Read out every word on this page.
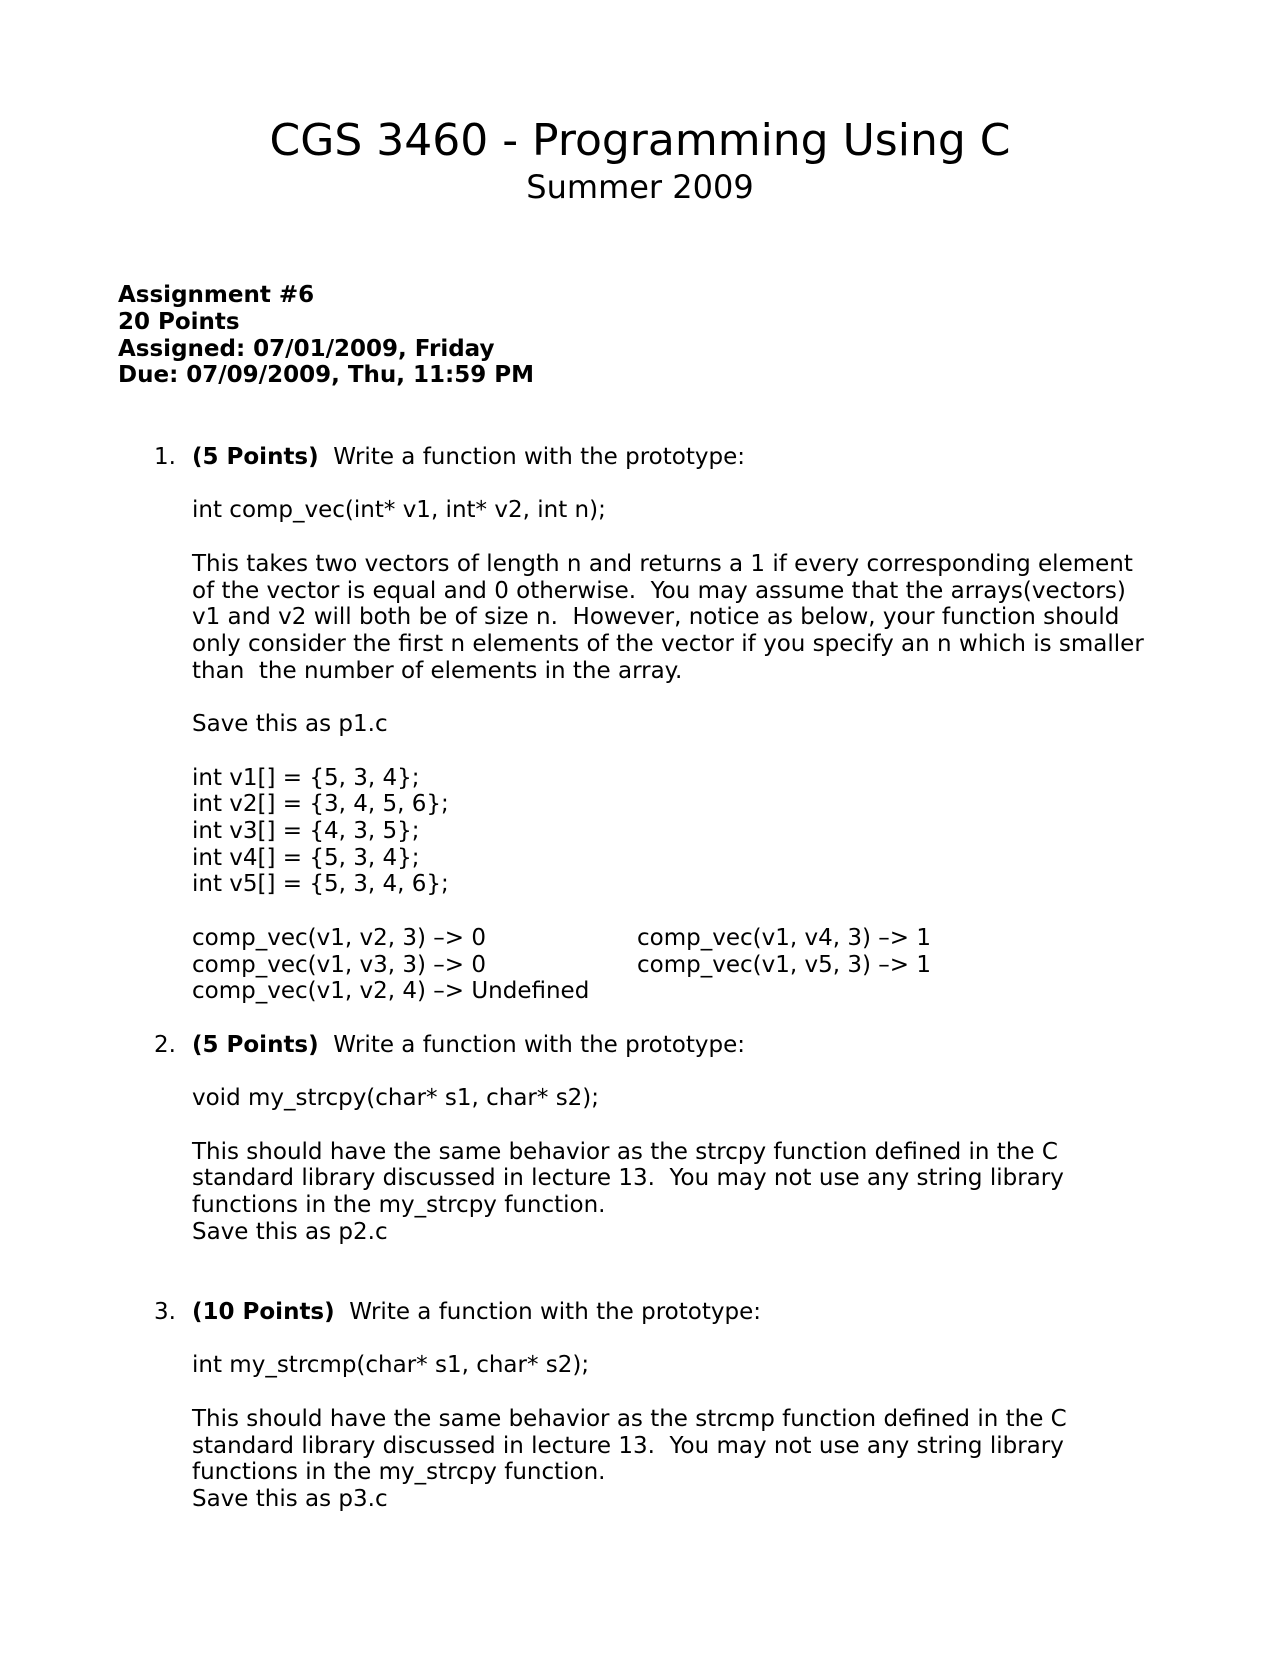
CGS 3460 - Programming Using C
Summer 2009
Assignment #6
20 Points
Assigned: 07/01/2009, Friday
Due: 07/09/2009, Thu, 11:59 PM
1. (5 Points) Write a function with the prototype:
int comp_vec(int* v1, int* v2, int n);
This takes two vectors of length n and returns a 1 if every corresponding element
of the vector is equal and 0 otherwise.  You may assume that the arrays(vectors)
v1 and v2 will both be of size n.  However, notice as below, your function should
only consider the first n elements of the vector if you specify an n which is smaller
than  the number of elements in the array.
Save this as p1.c
int v1[] = {5, 3, 4};
int v2[] = {3, 4, 5, 6};
int v3[] = {4, 3, 5};
int v4[] = {5, 3, 4};
int v5[] = {5, 3, 4, 6};
comp_vec(v1, v2, 3) –> 0
comp_vec(v1, v3, 3) –> 0
comp_vec(v1, v2, 4) –> Undefined
comp_vec(v1, v4, 3) –> 1
comp_vec(v1, v5, 3) –> 1
2. (5 Points) Write a function with the prototype:
void my_strcpy(char* s1, char* s2);
This should have the same behavior as the strcpy function defined in the C
standard library discussed in lecture 13.  You may not use any string library
functions in the my_strcpy function.
Save this as p2.c
3. (10 Points) Write a function with the prototype:
int my_strcmp(char* s1, char* s2);
This should have the same behavior as the strcmp function defined in the C
standard library discussed in lecture 13.  You may not use any string library
functions in the my_strcpy function.
Save this as p3.c
